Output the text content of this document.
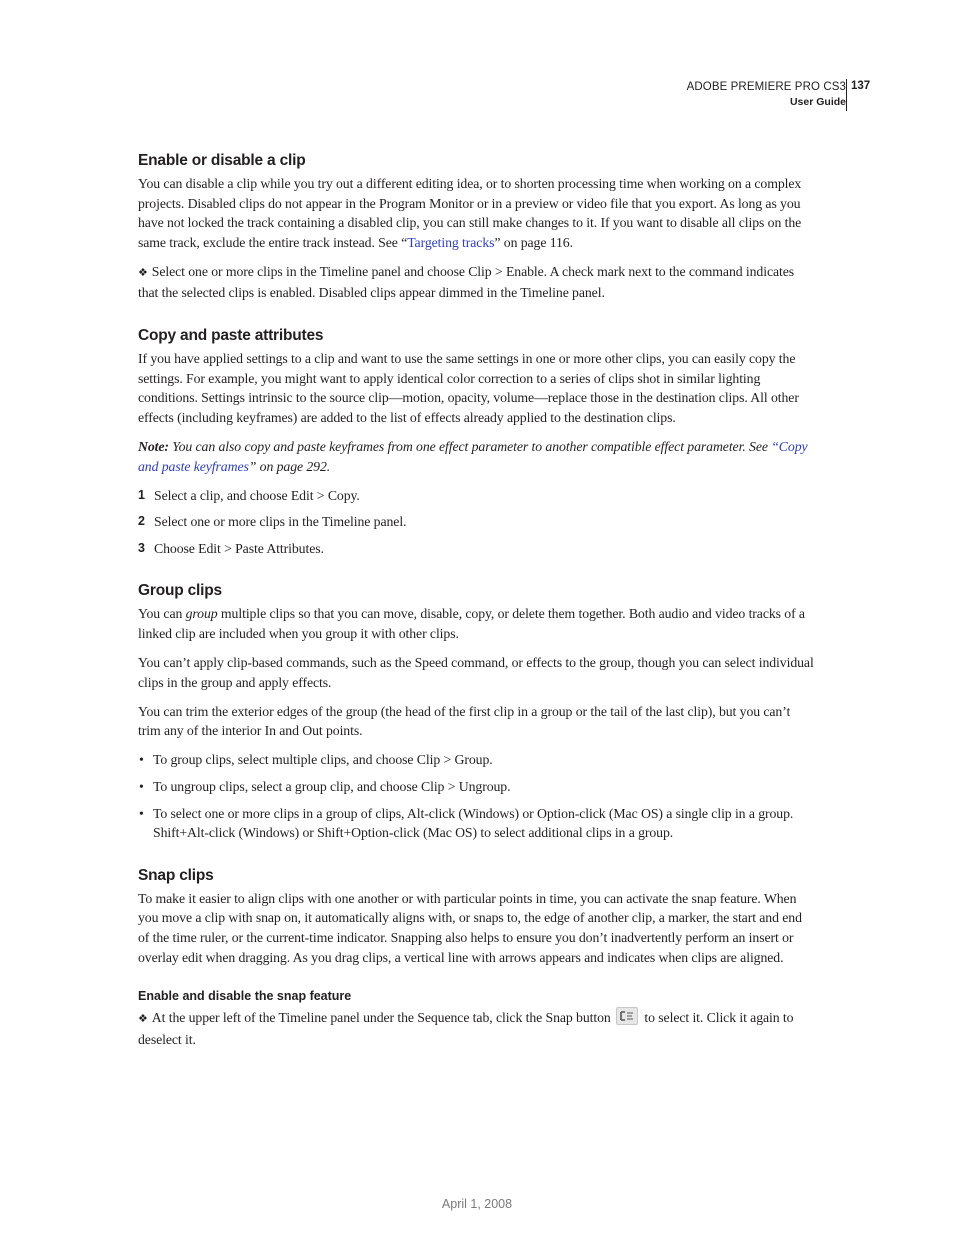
ADOBE PREMIERE PRO CS3
User Guide
137
Enable or disable a clip

You can disable a clip while you try out a different editing idea, or to shorten processing time when working on a complex projects. Disabled clips do not appear in the Program Monitor or in a preview or video file that you export. As long as you have not locked the track containing a disabled clip, you can still make changes to it. If you want to disable all clips on the same track, exclude the entire track instead. See “Targeting tracks” on page 116.

❖ Select one or more clips in the Timeline panel and choose Clip > Enable. A check mark next to the command indicates that the selected clips is enabled. Disabled clips appear dimmed in the Timeline panel.

Copy and paste attributes

If you have applied settings to a clip and want to use the same settings in one or more other clips, you can easily copy the settings. For example, you might want to apply identical color correction to a series of clips shot in similar lighting conditions. Settings intrinsic to the source clip—motion, opacity, volume—replace those in the destination clips. All other effects (including keyframes) are added to the list of effects already applied to the destination clips.

Note: You can also copy and paste keyframes from one effect parameter to another compatible effect parameter. See “Copy and paste keyframes” on page 292.

1 Select a clip, and choose Edit > Copy.

2 Select one or more clips in the Timeline panel.

3 Choose Edit > Paste Attributes.

Group clips

You can group multiple clips so that you can move, disable, copy, or delete them together. Both audio and video tracks of a linked clip are included when you group it with other clips.

You can’t apply clip-based commands, such as the Speed command, or effects to the group, though you can select individual clips in the group and apply effects.

You can trim the exterior edges of the group (the head of the first clip in a group or the tail of the last clip), but you can’t trim any of the interior In and Out points.

• To group clips, select multiple clips, and choose Clip > Group.

• To ungroup clips, select a group clip, and choose Clip > Ungroup.

• To select one or more clips in a group of clips, Alt-click (Windows) or Option-click (Mac OS) a single clip in a group. Shift+Alt-click (Windows) or Shift+Option-click (Mac OS) to select additional clips in a group.

Snap clips

To make it easier to align clips with one another or with particular points in time, you can activate the snap feature. When you move a clip with snap on, it automatically aligns with, or snaps to, the edge of another clip, a marker, the start and end of the time ruler, or the current-time indicator. Snapping also helps to ensure you don’t inadvertently perform an insert or overlay edit when dragging. As you drag clips, a vertical line with arrows appears and indicates when clips are aligned.

Enable and disable the snap feature

❖ At the upper left of the Timeline panel under the Sequence tab, click the Snap button
to select it. Click it again to deselect it.

April 1, 2008
